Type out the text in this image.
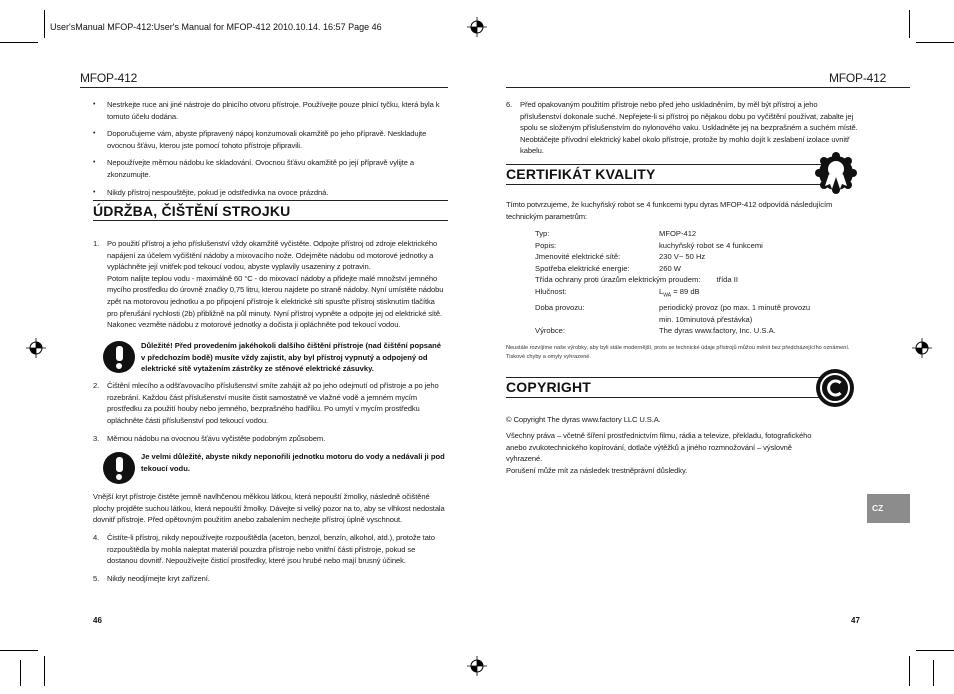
User'sManual MFOP-412:User's Manual for MFOP-412 2010.10.14. 16:57 Page 46
MFOP-412
• Nestrkejte ruce ani jiné nástroje do plnicího otvoru přístroje. Používejte pouze plnicí tyčku, která byla k tomuto účelu dodána.
• Doporučujeme vám, abyste připravený nápoj konzumovali okamžitě po jeho přípravě. Neskladujte ovocnou šťávu, kterou jste pomocí tohoto přístroje připravili.
• Nepoužívejte měrnou nádobu ke skladování. Ovocnou šťávu okamžitě po její přípravě vylijte a zkonzumujte.
• Nikdy přístroj nespouštějte, pokud je odstředivka na ovoce prázdná.
ÚDRŽBA, ČIŠTĚNÍ STROJKU
1. Po použití přístroj a jeho příslušenství vždy okamžitě vyčistěte. Odpojte přístroj od zdroje elektrického napájení za účelem vyčištění nádoby a mixovacího nože. Odejměte nádobu od motorové jednotky a vypláchněte její vnitřek pod tekoucí vodou, abyste vyplavily usazeniny z potravin.
Potom nalijte teplou vodu - maximálně 60 °C - do mixovací nádoby a přidejte malé množství jemného mycího prostředku do úrovně značky 0,75 litru, kterou najdete po straně nádoby. Nyní umístěte nádobu zpět na motorovou jednotku a po připojení přístroje k elektrické síti spusťte přístroj stisknutím tlačítka pro přerušání rychlosti (2b) přibližně na půl minuty. Nyní přístroj vypněte a odpojte jej od elektrické sítě. Nakonec vezměte nádobu z motorové jednotky a dočista ji opláchněte pod tekoucí vodou.
Důležité! Před provedením jakéhokoli dalšího čištění přístroje (nad čištění popsané v předchozím bodě) musíte vždy zajistit, aby byl přístroj vypnutý a odpojený od elektrické sítě vytažením zástrčky ze stěnové elektrické zásuvky.
2. Čištění mlecího a odšťavovacího příslušenství smíte zahájit až po jeho odejmutí od přístroje a po jeho rozebrání. Každou část příslušenství musíte čistit samostatně ve vlažné vodě a jemném mycím prostředku za použití houby nebo jemného, bezprašného hadříku. Po umytí v mycím prostředku opláchněte části příslušenství pod tekoucí vodou.
3. Měrnou nádobu na ovocnou šťávu vyčistěte podobným způsobem.
Je velmi důležité, abyste nikdy neponořili jednotku motoru do vody a nedávali ji pod tekoucí vodu.
Vnější kryt přístroje čistěte jemně navlhčenou měkkou látkou, která nepouští žmolky, následně očištěné plochy projděte suchou látkou, která nepouští žmolky. Dávejte si velký pozor na to, aby se vlhkost nedostala dovnitř přístroje. Před opětovným použitím anebo zabalením nechejte přístroj úplně vyschnout.
4. Čistíte-li přístroj, nikdy nepoužívejte rozpouštědla (aceton, benzol, benzín, alkohol, atd.), protože tato rozpouštědla by mohla naleptat materiál pouzdra přístroje nebo vnitřní části přístroje, pokud se dostanou dovnitř. Nepoužívejte čisticí prostředky, které jsou hrubé nebo mají brusný účinek.
5. Nikdy neodjímejte kryt zařízení.
46
MFOP-412
6. Před opakovaným použitím přístroje nebo před jeho uskladněním, by měl být přístroj a jeho příslušenství dokonale suché. Nepřejete-li si přístroj po nějakou dobu po vyčištění používat, zabalte jej spolu se složeným příslušenstvím do nylonového vaku. Uskladněte jej na bezprašném a suchém místě. Neobtáčejte přívodní elektrický kabel okolo přístroje, protože by mohlo dojít k zeslabení izolace uvnitř kabelu.
CERTIFIKÁT KVALITY
Tímto potvrzujeme, že kuchyňský robot se 4 funkcemi typu dyras MFOP-412 odpovídá následujícím technickým parametrům:
Typ:	MFOP-412
Popis:	kuchyňský robot se 4 funkcemi
Jmenovité elektrické sítě:	230 V~ 50 Hz
Spotřeba elektrické energie:	260 W
Třída ochrany proti úrazům elektrickým proudem: třída II	
Hlučnost:	$L_{WA} = 89$ dB
Doba provozu:	periodický provoz (po max. 1 minutě provozu
min. 10minutová přestávka)

Výrobce:	The dyras www.factory, Inc. U.S.A.
Neustále rozvíjíme naše výrobky, aby byli stále modernější, proto se technické údaje přístrojů můžou měnit bez předcházejícího oznámení. Tiskové chyby a omyly vyhrazené.
COPYRIGHT
© Copyright The dyras www.factory LLC U.S.A.
Všechny práva – včetně šíření prostřednictvím filmu, rádia a televize, překladu, fotografického anebo zvukotechnického kopírování, dotlače výtěžků a jiného rozmnožování – výslovně vyhrazené.
Porušení může mít za následek trestněprávní důsledky.
CZ
47
